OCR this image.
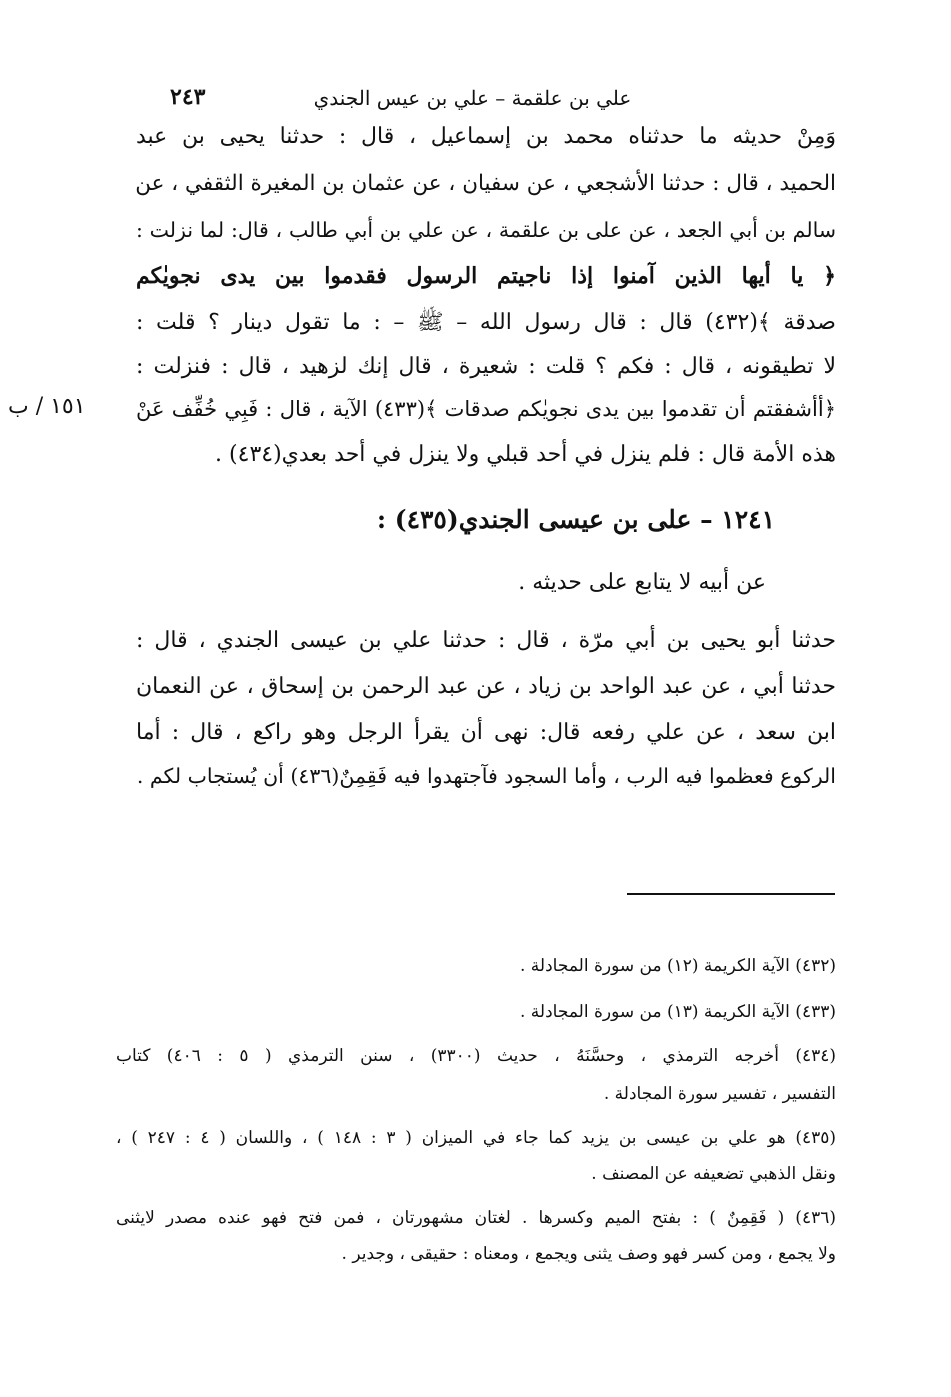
٢٤٣	علي بن علقمة – علي بن عيس الجندي
١٥١ / ب
وَمِنْ حديثه ما حدثناه محمد بن إسماعيل ، قال : حدثنا يحيى بن عبد
الحميد ، قال : حدثنا الأشجعي ، عن سفيان ، عن عثمان بن المغيرة الثقفي ، عن
سالم بن أبي الجعد ، عن على بن علقمة ، عن علي بن أبي طالب ، قال: لما نزلت :
﴿ يا أيها الذين آمنوا إذا ناجيتم الرسول فقدموا بين يدى نجويٰكم
صدقة ﴾(٤٣٢) قال : قال رسول الله – ﷺ – : ما تقول دينار ؟ قلت :
لا تطيقونه ، قال : فكم ؟ قلت : شعيرة ، قال إنك لزهيد ، قال : فنزلت :
﴿أأشفقتم أن تقدموا بين يدى نجويٰكم صدقات ﴾(٤٣٣) الآية ، قال : فَبِي خُفِّف عَنْ
هذه الأمة قال : فلم ينزل في أحد قبلي ولا ينزل في أحد بعدي(٤٣٤) .
١٢٤١ – على بن عيسى الجندي(٤٣٥) :
عن أبيه لا يتابع على حديثه .
حدثنا أبو يحيى بن أبي مرّة ، قال : حدثنا علي بن عيسى الجندي ، قال :
حدثنا أبي ، عن عبد الواحد بن زياد ، عن عبد الرحمن بن إسحاق ، عن النعمان
ابن سعد ، عن علي رفعه قال: نهى أن يقرأ الرجل وهو راكع ، قال : أما
الركوع فعظموا فيه الرب ، وأما السجود فآجتهدوا فيه فَقِمِنٌ(٤٣٦) أن يُستجاب لكم .
(٤٣٢) الآية الكريمة (١٢) من سورة المجادلة .
(٤٣٣) الآية الكريمة (١٣) من سورة المجادلة .
(٤٣٤) أخرجه الترمذي ، وحسَّنَهُ ، حديث (٣٣٠٠) ، سنن الترمذي ( ٥ : ٤٠٦) كتاب
التفسير ، تفسير سورة المجادلة .
(٤٣٥) هو علي بن عيسى بن يزيد كما جاء في الميزان ( ٣ : ١٤٨ ) ، واللسان ( ٤ : ٢٤٧ ) ،
ونقل الذهبي تضعيفه عن المصنف .
(٤٣٦) ( فَقِمِنٌ ) : بفتح الميم وكسرها . لغتان مشهورتان ، فمن فتح فهو عنده مصدر لايثنى
ولا يجمع ، ومن كسر فهو وصف يثنى ويجمع ، ومعناه : حقيقى ، وجدير .
